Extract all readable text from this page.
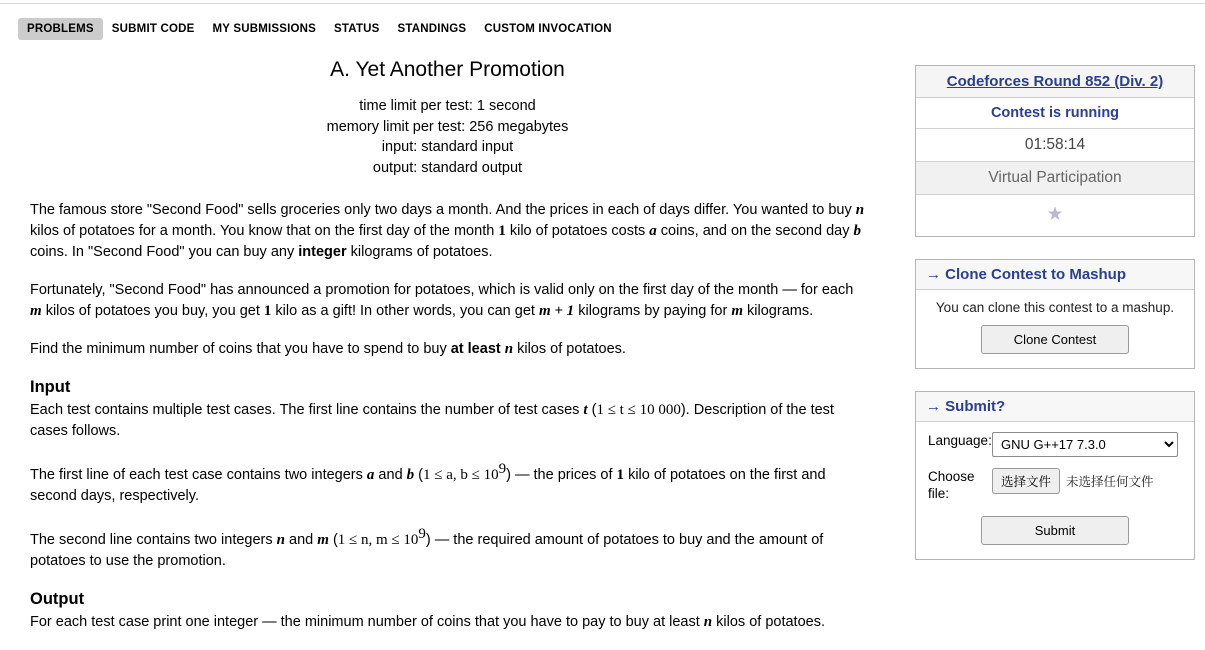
PROBLEMS	SUBMIT CODE	MY SUBMISSIONS	STATUS	STANDINGS	CUSTOM INVOCATION
A. Yet Another Promotion
time limit per test: 1 second
memory limit per test: 256 megabytes
input: standard input
output: standard output

The famous store "Second Food" sells groceries only two days a month. And the prices in each of days differ. You wanted to buy n kilos of potatoes for a month. You know that on the first day of the month 1 kilo of potatoes costs a coins, and on the second day b coins. In "Second Food" you can buy any integer kilograms of potatoes.

Fortunately, "Second Food" has announced a promotion for potatoes, which is valid only on the first day of the month — for each m kilos of potatoes you buy, you get 1 kilo as a gift! In other words, you can get m + 1 kilograms by paying for m kilograms.

Find the minimum number of coins that you have to spend to buy at least n kilos of potatoes.

Input

Each test contains multiple test cases. The first line contains the number of test cases t (1 ≤ t ≤ 10 000). Description of the test cases follows.

The first line of each test case contains two integers a and b (1 ≤ a, $b \le 10^9$) — the prices of 1 kilo of potatoes on the first and second days, respectively.

The second line contains two integers n and m (1 ≤ n, $m \le 10^9$) — the required amount of potatoes to buy and the amount of potatoes to use the promotion.

Output

For each test case print one integer — the minimum number of coins that you have to pay to buy at least n kilos of potatoes.

Codeforces Round 852 (Div. 2)
Contest is running
01:58:14
Virtual Participation
★
→ Clone Contest to Mashup

You can clone this contest to a mashup.

Clone Contest
→ Submit?
Language:
GNU G++17 7.3.0
Choose file:
选择文件	未选择任何文件
Submit
